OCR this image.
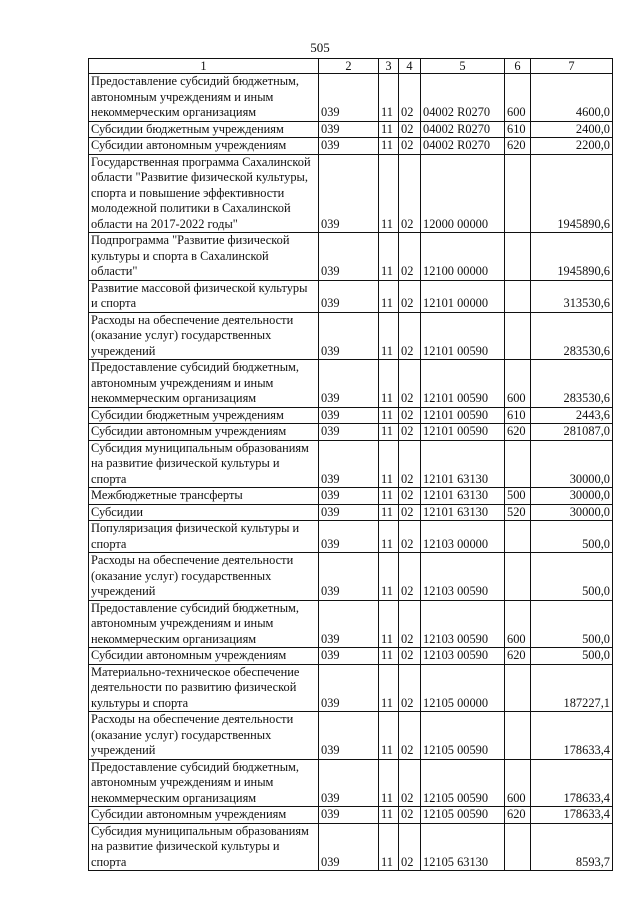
505
1	2	3	4	5	6	7
Предоставление субсидий бюджетным, автономным учреждениям и иным некоммерческим организациям	039	11	02	04002 R0270	600	4600,0
Субсидии бюджетным учреждениям	039	11	02	04002 R0270	610	2400,0
Субсидии автономным учреждениям	039	11	02	04002 R0270	620	2200,0
Государственная программа Сахалинской области "Развитие физической культуры, спорта и повышение эффективности молодежной политики в Сахалинской области на 2017-2022 годы"	039	11	02	12000 00000		1945890,6
Подпрограмма "Развитие физической культуры и спорта в Сахалинской области"	039	11	02	12100 00000		1945890,6
Развитие массовой физической культуры и спорта	039	11	02	12101 00000		313530,6
Расходы на обеспечение деятельности (оказание услуг) государственных учреждений	039	11	02	12101 00590		283530,6
Предоставление субсидий бюджетным, автономным учреждениям и иным некоммерческим организациям	039	11	02	12101 00590	600	283530,6
Субсидии бюджетным учреждениям	039	11	02	12101 00590	610	2443,6
Субсидии автономным учреждениям	039	11	02	12101 00590	620	281087,0
Субсидия муниципальным образованиям на развитие физической культуры и спорта	039	11	02	12101 63130		30000,0
Межбюджетные трансферты	039	11	02	12101 63130	500	30000,0
Субсидии	039	11	02	12101 63130	520	30000,0
Популяризация физической культуры и спорта	039	11	02	12103 00000		500,0
Расходы на обеспечение деятельности (оказание услуг) государственных учреждений	039	11	02	12103 00590		500,0
Предоставление субсидий бюджетным, автономным учреждениям и иным некоммерческим организациям	039	11	02	12103 00590	600	500,0
Субсидии автономным учреждениям	039	11	02	12103 00590	620	500,0
Материально-техническое обеспечение деятельности по развитию физической культуры и спорта	039	11	02	12105 00000		187227,1
Расходы на обеспечение деятельности (оказание услуг) государственных учреждений	039	11	02	12105 00590		178633,4
Предоставление субсидий бюджетным, автономным учреждениям и иным некоммерческим организациям	039	11	02	12105 00590	600	178633,4
Субсидии автономным учреждениям	039	11	02	12105 00590	620	178633,4
Субсидия муниципальным образованиям на развитие физической культуры и спорта	039	11	02	12105 63130		8593,7
